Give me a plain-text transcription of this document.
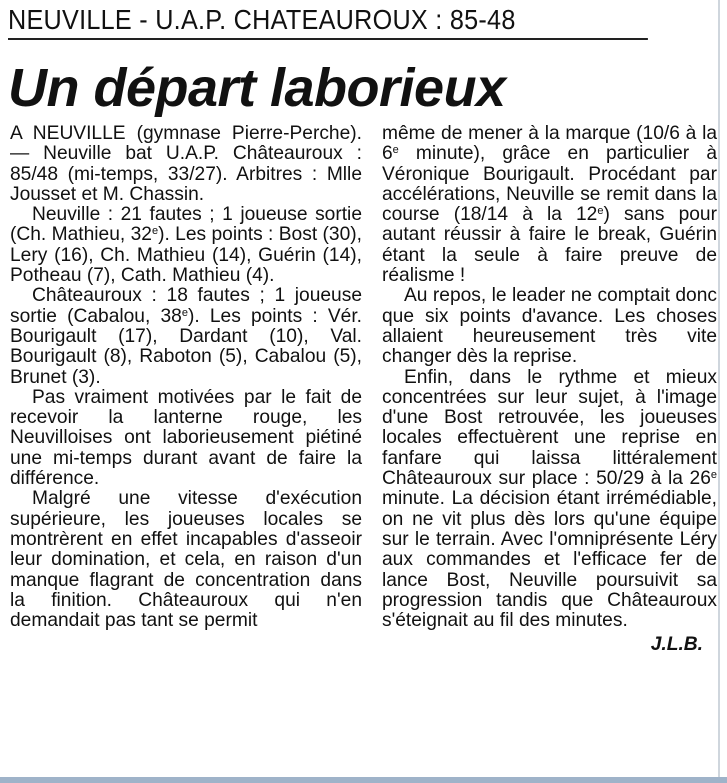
NEUVILLE - U.A.P. CHATEAUROUX : 85-48
Un départ laborieux

A NEUVILLE (gymnase Pierre-Perche). — Neuville bat U.A.P. Châteauroux : 85/48 (mi-temps, 33/27). Arbitres : Mlle Jousset et M. Chassin.

Neuville : 21 fautes ; 1 joueuse sortie (Ch. Mathieu, 32e). Les points : Bost (30), Lery (16), Ch. Mathieu (14), Guérin (14), Potheau (7), Cath. Mathieu (4).

Châteauroux : 18 fautes ; 1 joueuse sortie (Cabalou, 38e). Les points : Vér. Bourigault (17), Dardant (10), Val. Bourigault (8), Raboton (5), Cabalou (5), Brunet (3).

Pas vraiment motivées par le fait de recevoir la lanterne rouge, les Neuvilloises ont laborieusement piétiné une mi-temps durant avant de faire la différence.

Malgré une vitesse d'exécution supérieure, les joueuses locales se montrèrent en effet incapables d'asseoir leur domination, et cela, en raison d'un manque flagrant de concentration dans la finition. Châteauroux qui n'en demandait pas tant se permit

même de mener à la marque (10/6 à la 6e minute), grâce en particulier à Véronique Bourigault. Procédant par accélérations, Neuville se remit dans la course (18/14 à la 12e) sans pour autant réussir à faire le break, Guérin étant la seule à faire preuve de réalisme !

Au repos, le leader ne comptait donc que six points d'avance. Les choses allaient heureusement très vite changer dès la reprise.

Enfin, dans le rythme et mieux concentrées sur leur sujet, à l'image d'une Bost retrouvée, les joueuses locales effectuèrent une reprise en fanfare qui laissa littéralement Châteauroux sur place : 50/29 à la 26e minute. La décision étant irrémédiable, on ne vit plus dès lors qu'une équipe sur le terrain. Avec l'omniprésente Léry aux commandes et l'efficace fer de lance Bost, Neuville poursuivit sa progression tandis que Châteauroux s'éteignait au fil des minutes.

J.L.B.
